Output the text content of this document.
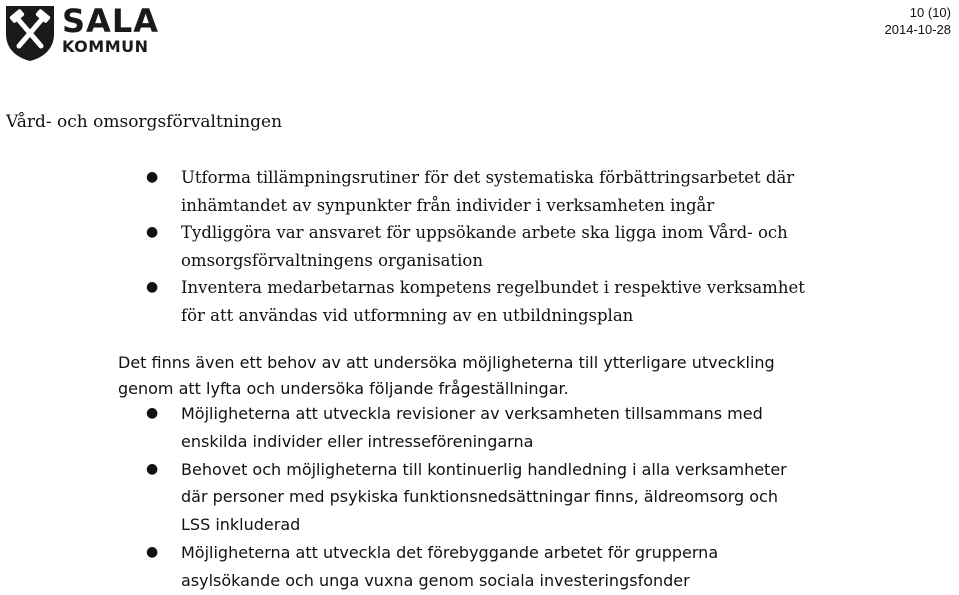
SALA
KOMMUN
10 (10)
2014-10-28
Vård- och omsorgsförvaltningen
● Utforma tillämpningsrutiner för det systematiska förbättringsarbetet där
inhämtandet av synpunkter från individer i verksamheten ingår
● Tydliggöra var ansvaret för uppsökande arbete ska ligga inom Vård- och
omsorgsförvaltningens organisation
● Inventera medarbetarnas kompetens regelbundet i respektive verksamhet
för att användas vid utformning av en utbildningsplan

Det finns även ett behov av att undersöka möjligheterna till ytterligare utveckling

genom att lyfta och undersöka följande frågeställningar.

● Möjligheterna att utveckla revisioner av verksamheten tillsammans med
enskilda individer eller intresseföreningarna
● Behovet och möjligheterna till kontinuerlig handledning i alla verksamheter
där personer med psykiska funktionsnedsättningar finns, äldreomsorg och
LSS inkluderad
● Möjligheterna att utveckla det förebyggande arbetet för grupperna
asylsökande och unga vuxna genom sociala investeringsfonder
